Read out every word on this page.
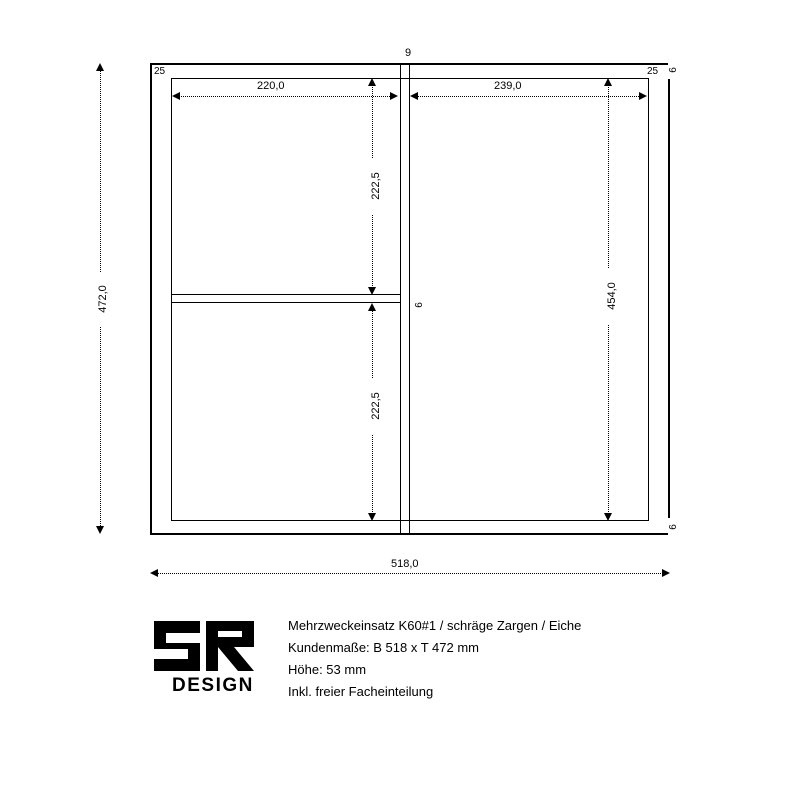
9
25	25 6
6
6
220,0	239,0
222,5
222,5
454,0
472,0
518,0
DESIGN
Mehrzweckeinsatz K60#1 / schräge Zargen / Eiche
Kundenmaße: B 518 x T 472 mm
Höhe: 53 mm
Inkl. freier Facheinteilung
